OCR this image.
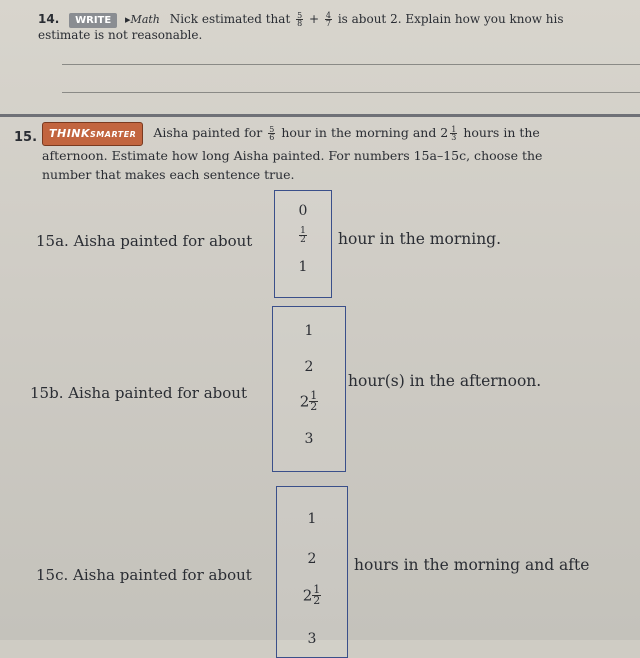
14. WRITE ▸Math Nick estimated that $\frac{5}{8} + \frac{4}{7}$ is about 2. Explain how you know his
estimate is not reasonable.
15.	THINKSMARTER Aisha painted for $\frac{5}{6}$ hour in the morning and $2 \frac{1}{3}$ hours in the
afternoon. Estimate how long Aisha painted. For numbers 15a–15c, choose the
number that makes each sentence true.
15a. Aisha painted for about
0
$\frac{1}{2}$
1
hour in the morning.
15b. Aisha painted for about
1
2
$2 \frac{1}{2}$
3
hour(s) in the afternoon.
15c. Aisha painted for about
1
2
$2 \frac{1}{2}$
3
hours in the morning and afte
